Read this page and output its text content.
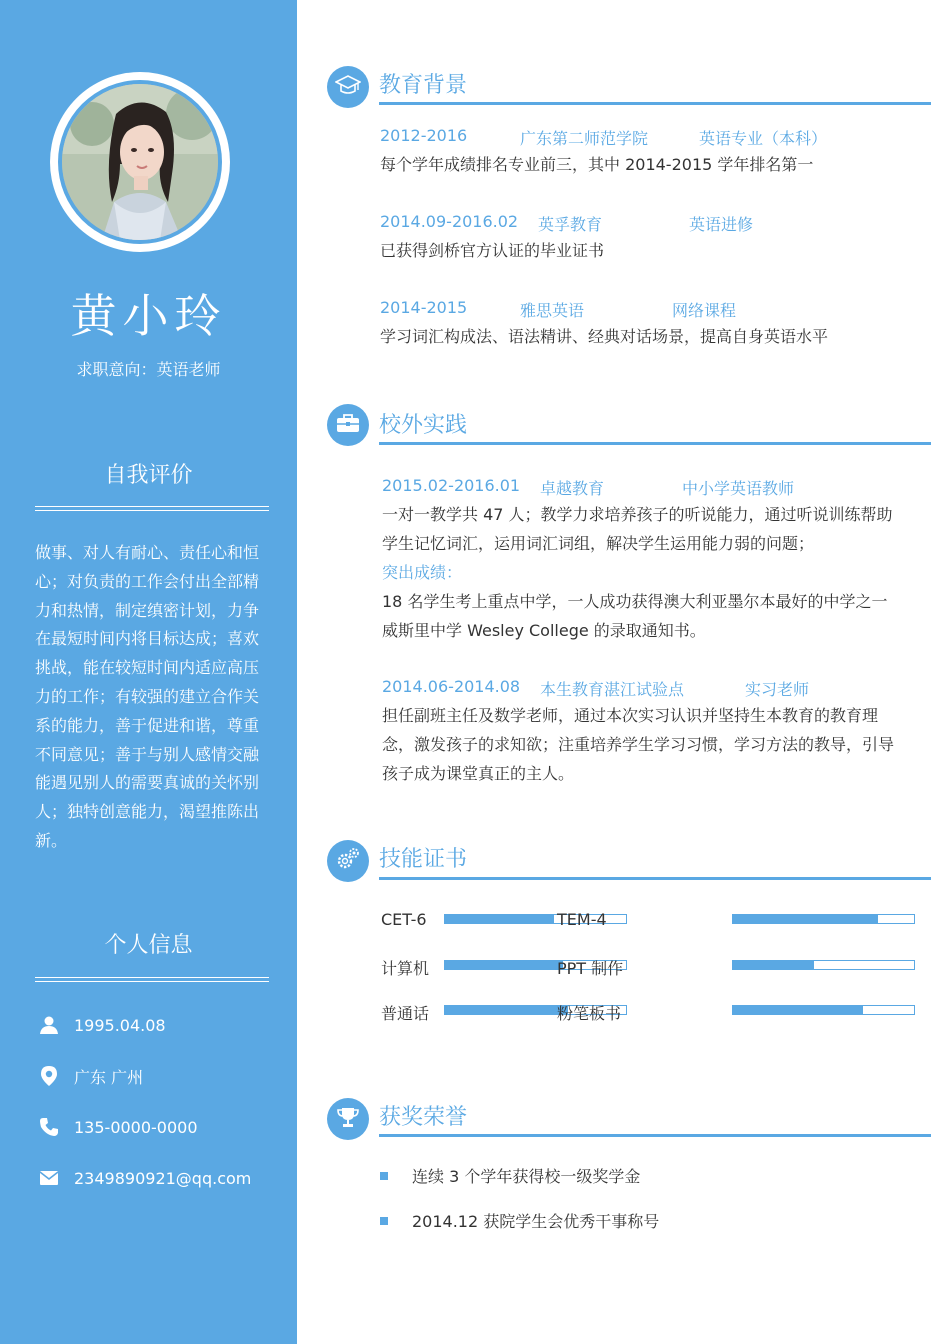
黄小玲
求职意向：英语老师
自我评价

做事、对人有耐心、责任心和恒心；对负责的工作会付出全部精力和热情，制定缜密计划，力争在最短时间内将目标达成；喜欢挑战，能在较短时间内适应高压力的工作；有较强的建立合作关系的能力，善于促进和谐，尊重不同意见；善于与别人感情交融能遇见别人的需要真诚的关怀别人；独特创意能力，渴望推陈出新。

个人信息
1995.04.08
广东 广州
135-0000-0000
2349890921@qq.com
教育背景
2012-2016	广东第二师范学院	英语专业（本科）

每个学年成绩排名专业前三，其中 2014-2015 学年排名第一

2014.09-2016.02 英孚教育	英语进修

已获得剑桥官方认证的毕业证书

2014-2015	雅思英语	网络课程

学习词汇构成法、语法精讲、经典对话场景，提高自身英语水平

校外实践
2015.02-2016.01 卓越教育	中小学英语教师

一对一教学共 47 人；教学力求培养孩子的听说能力，通过听说训练帮助学生记忆词汇，运用词汇词组，解决学生运用能力弱的问题；

突出成绩：

18 名学生考上重点中学，一人成功获得澳大利亚墨尔本最好的中学之一威斯里中学 Wesley College 的录取通知书。

2014.06-2014.08 本生教育湛江试验点	实习老师

担任副班主任及数学老师，通过本次实习认识并坚持生本教育的教育理念，激发孩子的求知欲；注重培养学生学习习惯，学习方法的教导，引导孩子成为课堂真正的主人。

技能证书
CET-6	TEM-4
计算机	PPT 制作
普通话	粉笔板书
获奖荣誉
连续 3 个学年获得校一级奖学金
2014.12 获院学生会优秀干事称号
